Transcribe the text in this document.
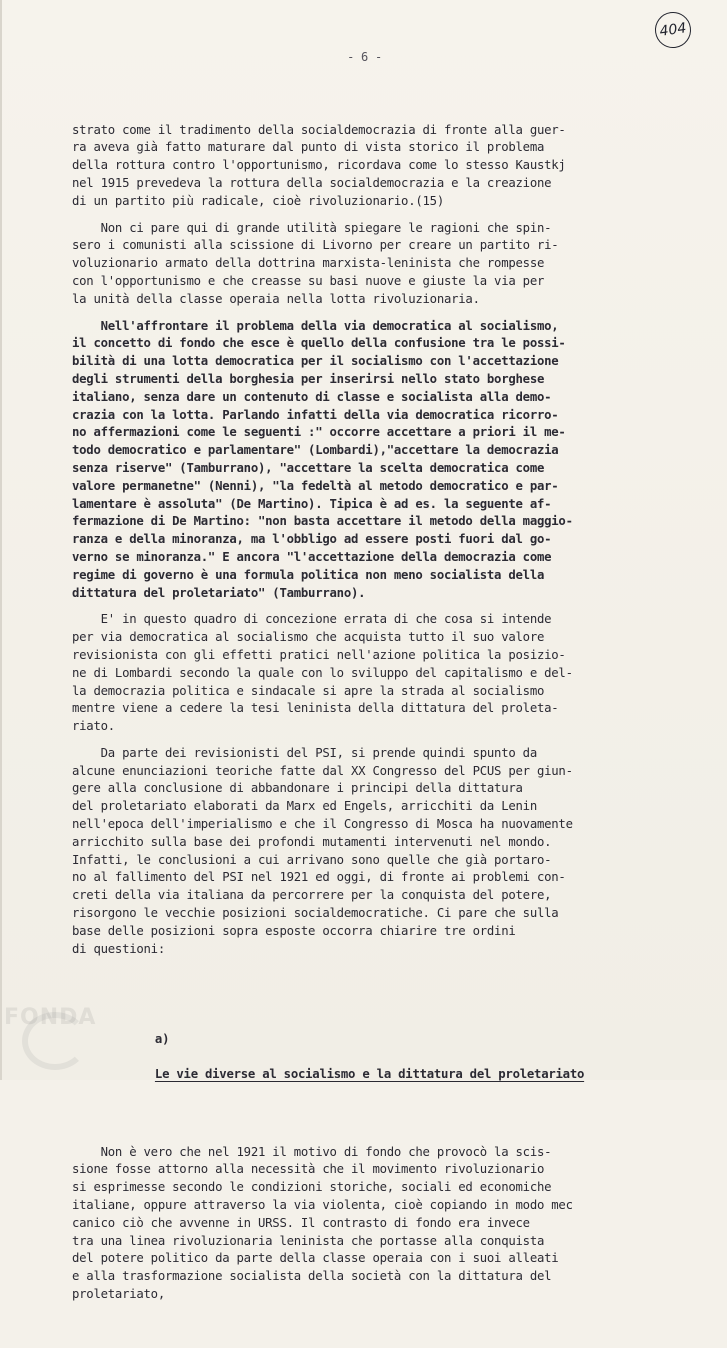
404
- 6 -

strato come il tradimento della socialdemocrazia di fronte alla guer-
ra aveva già fatto maturare dal punto di vista storico il problema
della rottura contro l'opportunismo, ricordava come lo stesso Kaustkj
nel 1915 prevedeva la rottura della socialdemocrazia e la creazione
di un partito più radicale, cioè rivoluzionario.(15)
Non ci pare qui di grande utilità spiegare le ragioni che spin-
sero i comunisti alla scissione di Livorno per creare un partito ri-
voluzionario armato della dottrina marxista-leninista che rompesse
con l'opportunismo e che creasse su basi nuove e giuste la via per
la unità della classe operaia nella lotta rivoluzionaria.
Nell'affrontare il problema della via democratica al socialismo,
il concetto di fondo che esce è quello della confusione tra le possi-
bilità di una lotta democratica per il socialismo con l'accettazione
degli strumenti della borghesia per inserirsi nello stato borghese
italiano, senza dare un contenuto di classe e socialista alla demo-
crazia con la lotta. Parlando infatti della via democratica ricorro-
no affermazioni come le seguenti :" occorre accettare a priori il me-
todo democratico e parlamentare" (Lombardi),"accettare la democrazia
senza riserve" (Tamburrano), "accettare la scelta democratica come
valore permanetne" (Nenni), "la fedeltà al metodo democratico e par-
lamentare è assoluta" (De Martino). Tipica è ad es. la seguente af-
fermazione di De Martino: "non basta accettare il metodo della maggio-
ranza e della minoranza, ma l'obbligo ad essere posti fuori dal go-
verno se minoranza." E ancora "l'accettazione della democrazia come
regime di governo è una formula politica non meno socialista della
dittatura del proletariato" (Tamburrano).
E' in questo quadro di concezione errata di che cosa si intende
per via democratica al socialismo che acquista tutto il suo valore
revisionista con gli effetti pratici nell'azione politica la posizio-
ne di Lombardi secondo la quale con lo sviluppo del capitalismo e del-
la democrazia politica e sindacale si apre la strada al socialismo
mentre viene a cedere la tesi leninista della dittatura del proleta-
riato.
Da parte dei revisionisti del PSI, si prende quindi spunto da
alcune enunciazioni teoriche fatte dal XX Congresso del PCUS per giun-
gere alla conclusione di abbandonare i principi della dittatura
del proletariato elaborati da Marx ed Engels, arricchiti da Lenin
nell'epoca dell'imperialismo e che il Congresso di Mosca ha nuovamente
arricchito sulla base dei profondi mutamenti intervenuti nel mondo.
Infatti, le conclusioni a cui arrivano sono quelle che già portaro-
no al fallimento del PSI nel 1921 ed oggi, di fronte ai problemi con-
creti della via italiana da percorrere per la conquista del potere,
risorgono le vecchie posizioni socialdemocratiche. Ci pare che sulla
base delle posizioni sopra esposte occorra chiarire tre ordini
di questioni:

a)

Le vie diverse al socialismo e la dittatura del proletariato

Non è vero che nel 1921 il motivo di fondo che provocò la scis-
sione fosse attorno alla necessità che il movimento rivoluzionario
si esprimesse secondo le condizioni storiche, sociali ed economiche
italiane, oppure attraverso la via violenta, cioè copiando in modo mec
canico ciò che avvenne in URSS. Il contrasto di fondo era invece
tra una linea rivoluzionaria leninista che portasse alla conquista
del potere politico da parte della classe operaia con i suoi alleati
e alla trasformazione socialista della società con la dittatura del
proletariato,

FONDA
